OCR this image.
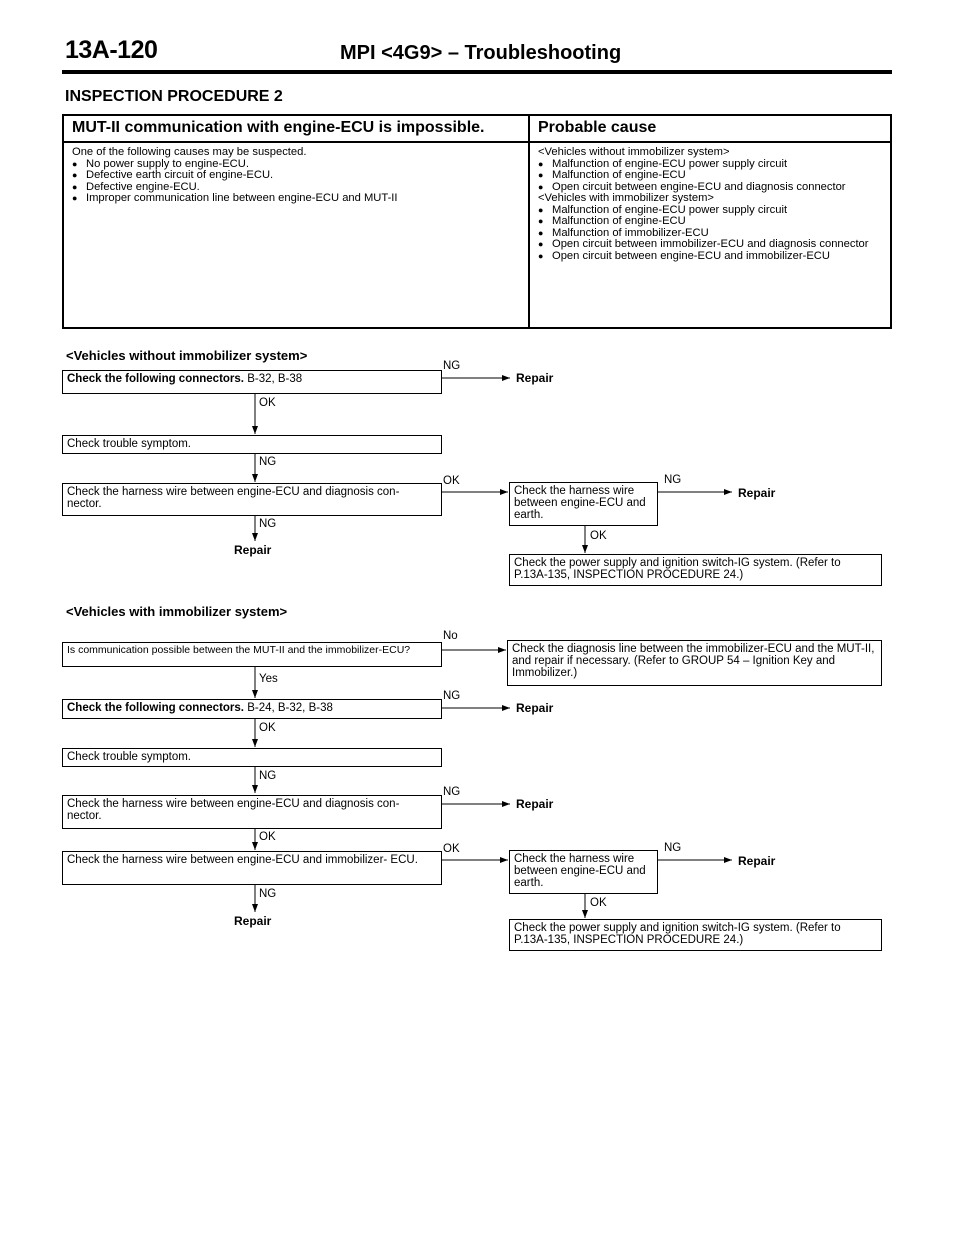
13A-120	MPI <4G9> – Troubleshooting
INSPECTION PROCEDURE 2
MUT-II communication with engine-ECU is impossible.
One of the following causes may be suspected.
● No power supply to engine-ECU.
● Defective earth circuit of engine-ECU.
● Defective engine-ECU.
● Improper communication line between engine-ECU and MUT-II
Probable cause
<Vehicles without immobilizer system>
● Malfunction of engine-ECU power supply circuit
● Malfunction of engine-ECU
● Open circuit between engine-ECU and diagnosis connector
<Vehicles with immobilizer system>
● Malfunction of engine-ECU power supply circuit
● Malfunction of engine-ECU
● Malfunction of immobilizer-ECU
● Open circuit between immobilizer-ECU and diagnosis connector
● Open circuit between engine-ECU and immobilizer-ECU
<Vehicles without immobilizer system>
Check the following connectors. B-32, B-38
NG
Repair
OK
Check trouble symptom.
NG
Check the harness wire between engine-ECU and diagnosis con- nector.
OK
NG
Repair
Check the harness wire between engine-ECU and earth.
NG
Repair
OK
Check the power supply and ignition switch-IG system. (Refer to P.13A-135, INSPECTION PROCEDURE 24.)
<Vehicles with immobilizer system>
Is communication possible between the MUT-II and the immobilizer-ECU?
No
Yes
Check the diagnosis line between the immobilizer-ECU and the MUT-II, and repair if necessary. (Refer to GROUP 54 – Ignition Key and Immobilizer.)
Check the following connectors. B-24, B-32, B-38
NG
Repair
OK
Check trouble symptom.
NG
Check the harness wire between engine-ECU and diagnosis con- nector.
NG
Repair
OK
Check the harness wire between engine-ECU and immobilizer- ECU.
OK
NG
Repair
Check the harness wire between engine-ECU and earth.
NG
Repair
OK
Check the power supply and ignition switch-IG system. (Refer to P.13A-135, INSPECTION PROCEDURE 24.)
